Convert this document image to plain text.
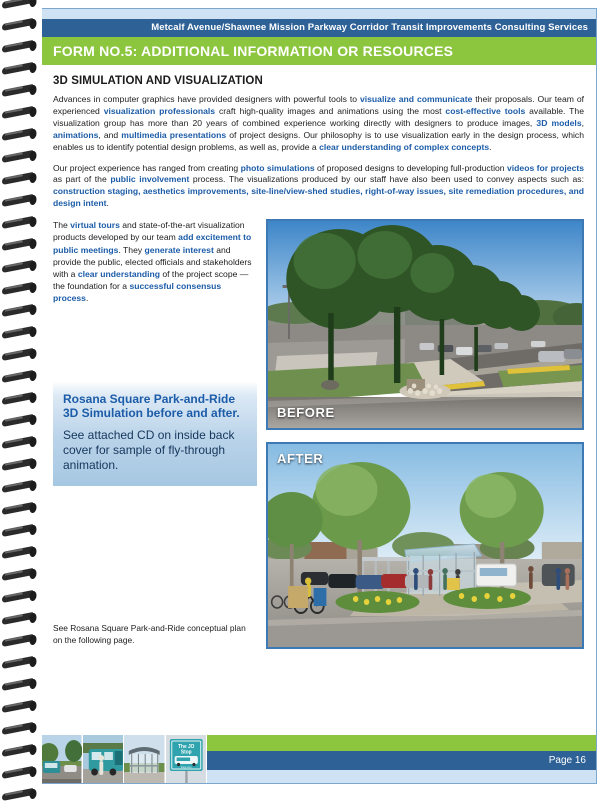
Metcalf Avenue/Shawnee Mission Parkway Corridor Transit Improvements Consulting Services
FORM NO.5: ADDITIONAL INFORMATION OR RESOURCES
3D SIMULATION AND VISUALIZATION

Advances in computer graphics have provided designers with powerful tools to visualize and communicate their proposals. Our team of experienced visualization professionals craft high-quality images and animations using the most cost-effective tools available. The visualization group has more than 20 years of combined experience working directly with designers to produce images, 3D models, animations, and multimedia presentations of project designs. Our philosophy is to use visualization early in the design process, which enables us to identify potential design problems, as well as, provide a clear understanding of complex concepts.

Our project experience has ranged from creating photo simulations of proposed designs to developing full-production videos for projects as part of the public involvement process. The visualizations produced by our staff have also been used to convey aspects such as: construction staging, aesthetics improvements, site-line/view-shed studies, right-of-way issues, site remediation procedures, and design intent.

The virtual tours and state-of-the-art visualization products developed by our team add excitement to public meetings. They generate interest and provide the public, elected officials and stakeholders with a clear understanding of the project scope — the foundation for a successful consensus process.

Rosana Square Park-and-Ride 3D Simulation before and after.
See attached CD on inside back cover for sample of fly-through animation.
See Rosana Square Park-and-Ride conceptual plan on the following page.
BEFORE
AFTER
The JO
Stop
thejo.com
Page 16
